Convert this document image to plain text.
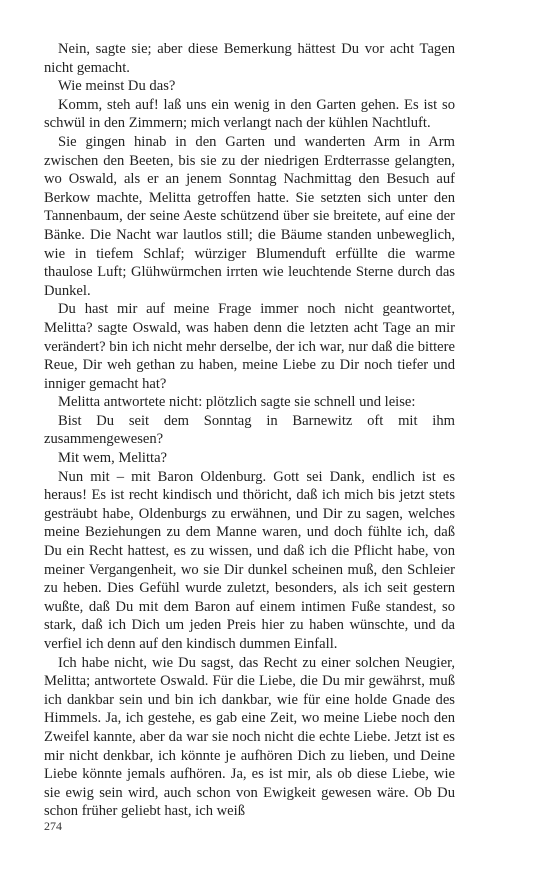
Nein, sagte sie; aber diese Bemerkung hättest Du vor acht Tagen nicht gemacht.

Wie meinst Du das?

Komm, steh auf! laß uns ein wenig in den Garten gehen. Es ist so schwül in den Zimmern; mich verlangt nach der kühlen Nachtluft.

Sie gingen hinab in den Garten und wanderten Arm in Arm zwischen den Beeten, bis sie zu der niedrigen Erdterrasse gelangten, wo Oswald, als er an jenem Sonntag Nachmittag den Besuch auf Berkow machte, Melitta getroffen hatte. Sie setzten sich unter den Tannenbaum, der seine Aeste schützend über sie breitete, auf eine der Bänke. Die Nacht war lautlos still; die Bäume standen unbeweglich, wie in tiefem Schlaf; würziger Blumenduft erfüllte die warme thaulose Luft; Glühwürmchen irrten wie leuchtende Sterne durch das Dunkel.

Du hast mir auf meine Frage immer noch nicht geantwortet, Melitta? sagte Oswald, was haben denn die letzten acht Tage an mir verändert? bin ich nicht mehr derselbe, der ich war, nur daß die bittere Reue, Dir weh gethan zu haben, meine Liebe zu Dir noch tiefer und inniger gemacht hat?

Melitta antwortete nicht: plötzlich sagte sie schnell und leise:

Bist Du seit dem Sonntag in Barnewitz oft mit ihm zusammengewesen?

Mit wem, Melitta?

Nun mit – mit Baron Oldenburg. Gott sei Dank, endlich ist es heraus! Es ist recht kindisch und thöricht, daß ich mich bis jetzt stets gesträubt habe, Oldenburgs zu erwähnen, und Dir zu sagen, welches meine Beziehungen zu dem Manne waren, und doch fühlte ich, daß Du ein Recht hattest, es zu wissen, und daß ich die Pflicht habe, von meiner Vergangenheit, wo sie Dir dunkel scheinen muß, den Schleier zu heben. Dies Gefühl wurde zuletzt, besonders, als ich seit gestern wußte, daß Du mit dem Baron auf einem intimen Fuße standest, so stark, daß ich Dich um jeden Preis hier zu haben wünschte, und da verfiel ich denn auf den kindisch dummen Einfall.

Ich habe nicht, wie Du sagst, das Recht zu einer solchen Neugier, Melitta; antwortete Oswald. Für die Liebe, die Du mir gewährst, muß ich dankbar sein und bin ich dankbar, wie für eine holde Gnade des Himmels. Ja, ich gestehe, es gab eine Zeit, wo meine Liebe noch den Zweifel kannte, aber da war sie noch nicht die echte Liebe. Jetzt ist es mir nicht denkbar, ich könnte je aufhören Dich zu lieben, und Deine Liebe könnte jemals aufhören. Ja, es ist mir, als ob diese Liebe, wie sie ewig sein wird, auch schon von Ewigkeit gewesen wäre. Ob Du schon früher geliebt hast, ich weiß

274
